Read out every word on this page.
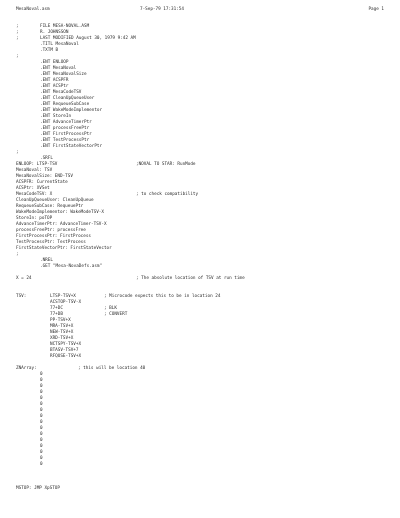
MesaNoval.asm	7-Sep-79 17:31:54	Page 1
;	FILE MESA-NOVAL.ASM
;	R. JOHNSSON
;	LAST MODIFIED August 30, 1979 9:42 AM
.TITL MesaNoval
.TXTM B
;
.ENT ENLOOP
.ENT MesaNoval
.ENT MesaNovalSize
.ENT ACSPFR
.ENT ACSPtr
.ENT MesaCodeTSV
.ENT CleanUpQueueUser
.ENT RequeueSubCase
.ENT WakeModeImplementor
.ENT StoreIn
.ENT AdvanceTimerPtr
.ENT processFreePtr
.ENT FirstProcessPtr
.ENT TestProcessPtr
.ENT FirstStateVectorPtr
;
.SRFL
ENLOOP: LTSP-TSV	;NOVAL TO STAR: RunMode
MesaNoval: TSV
MesaNovalSize: END-TSV
ACSPFR: CurrentState
ACSPtr: XVSet
MesaCodeTSV: X	; to check compatibility
CleanUpQueueUser: CleanUpQueue
RequeueSubCase: RequeuePtr
WakeModeImplementor: WakeModeTSV-X
StoreIn: poTOP
AdvanceTimerPtr: AdvanceTimer-TSV-X
processFreePtr: processFree
FirstProcessPtr: FirstProcess
TestProcessPtr: TestProcess
FirstStateVectorPtr: FirstStateVector
;
.NREL
.GET "Mesa-NovaDefs.asm"
X = 24	; The absolute location of TSV at run time
TSV:	LTSP-TSV+X	; Microcode expects this to be in location 24
ACSTOP-TSV-X
77+DC	; BLK
77+DB	; CONVERT
PP-TSV+X
MRA-TSV+X
NEW-TSV+X
XRD-TSV+X
NCTSPY-TSV+X
BTASV-TSV+7
RFQUSE-TSV+X
ZNArray:	; this will be location 40
0
0
0
0
0
0
0
0
0
0
0
0
0
0
0
0
MSTOP: JMP XpSTOP
